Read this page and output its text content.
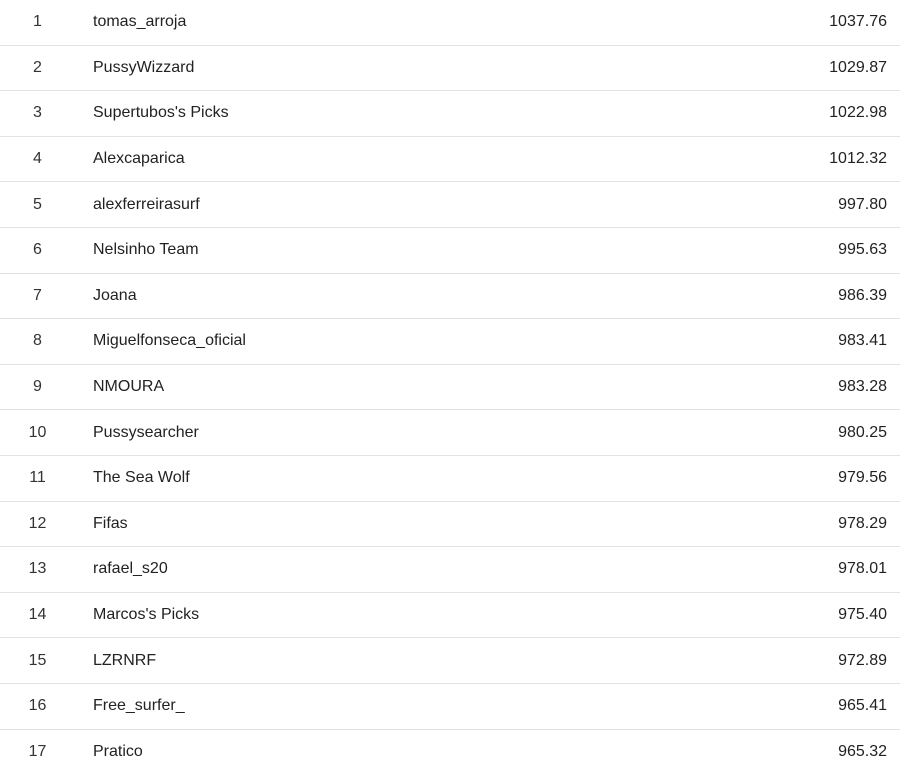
1	tomas_arroja	1037.76
2	PussyWizzard	1029.87
3	Supertubos's Picks	1022.98
4	Alexcaparica	1012.32
5	alexferreirasurf	997.80
6	Nelsinho Team	995.63
7	Joana	986.39
8	Miguelfonseca_oficial	983.41
9	NMOURA	983.28
10	Pussysearcher	980.25
11	The Sea Wolf	979.56
12	Fifas	978.29
13	rafael_s20	978.01
14	Marcos's Picks	975.40
15	LZRNRF	972.89
16	Free_surfer_	965.41
17	Pratico	965.32
